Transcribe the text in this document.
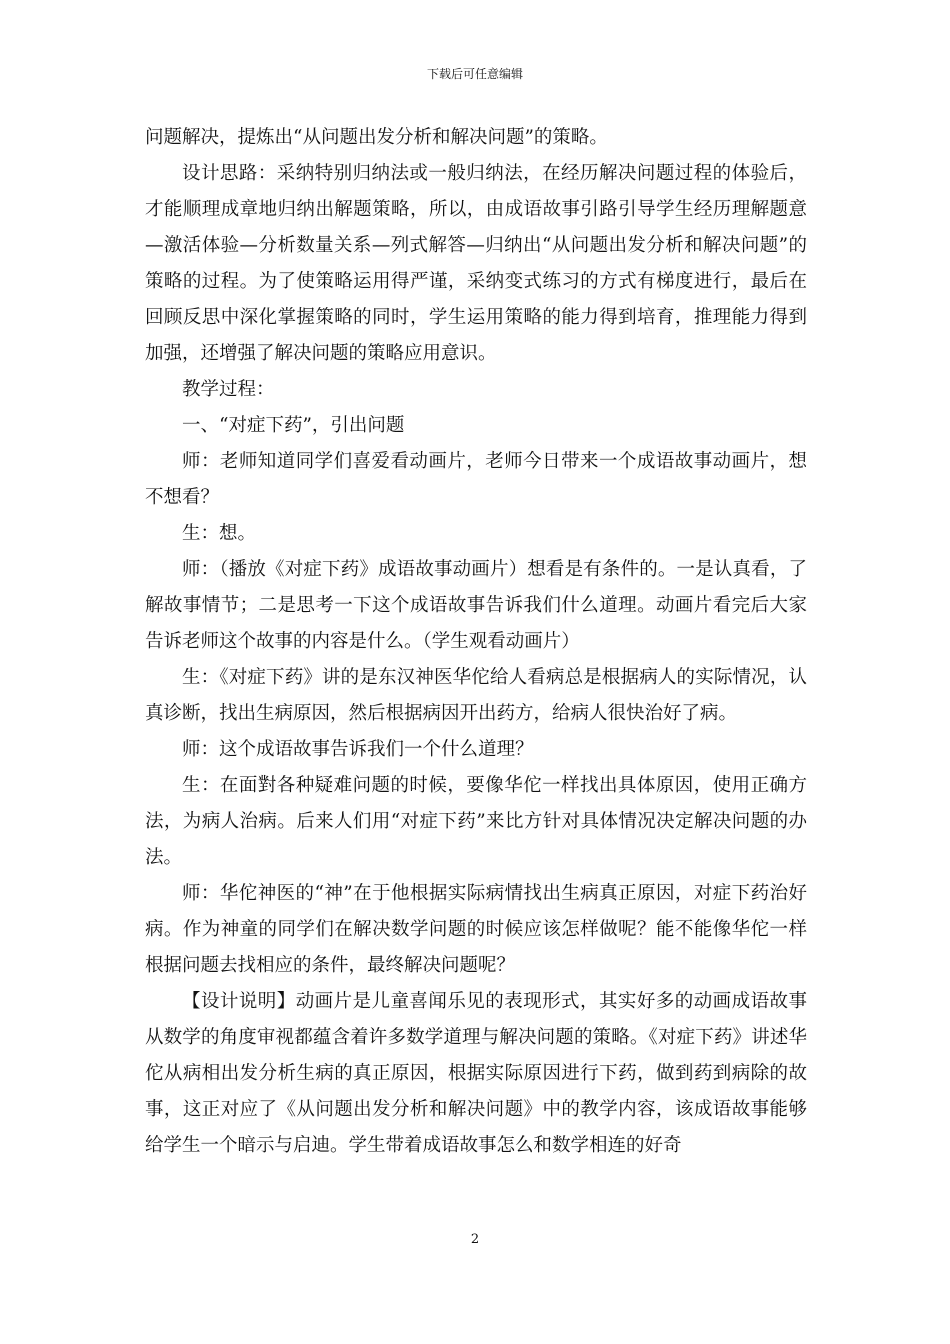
下载后可任意编辑

问题解决，提炼出“从问题出发分析和解决问题”的策略。

设计思路：采纳特别归纳法或一般归纳法，在经历解决问题过程的体验后，才能顺理成章地归纳出解题策略，所以，由成语故事引路引导学生经历理解题意—激活体验—分析数量关系—列式解答—归纳出“从问题出发分析和解决问题”的策略的过程。为了使策略运用得严谨，采纳变式练习的方式有梯度进行，最后在回顾反思中深化掌握策略的同时，学生运用策略的能力得到培育，推理能力得到加强，还增强了解决问题的策略应用意识。

教学过程：

一、“对症下药”，引出问题

师：老师知道同学们喜爱看动画片，老师今日带来一个成语故事动画片，想不想看？

生：想。

师：（播放《对症下药》成语故事动画片）想看是有条件的。一是认真看，了解故事情节；二是思考一下这个成语故事告诉我们什么道理。动画片看完后大家告诉老师这个故事的内容是什么。（学生观看动画片）

生：《对症下药》讲的是东汉神医华佗给人看病总是根据病人的实际情况，认真诊断，找出生病原因，然后根据病因开出药方，给病人很快治好了病。

师：这个成语故事告诉我们一个什么道理？

生：在面對各种疑难问题的时候，要像华佗一样找出具体原因，使用正确方法，为病人治病。后来人们用“对症下药”来比方针对具体情况决定解决问题的办法。

师：华佗神医的“神”在于他根据实际病情找出生病真正原因，对症下药治好病。作为神童的同学们在解决数学问题的时候应该怎样做呢？能不能像华佗一样根据问题去找相应的条件，最终解决问题呢？

【设计说明】动画片是儿童喜闻乐见的表现形式，其实好多的动画成语故事从数学的角度审视都蕴含着许多数学道理与解决问题的策略。《对症下药》讲述华佗从病相出发分析生病的真正原因，根据实际原因进行下药，做到药到病除的故事，这正对应了《从问题出发分析和解决问题》中的教学内容，该成语故事能够给学生一个暗示与启迪。学生带着成语故事怎么和数学相连的好奇

2
